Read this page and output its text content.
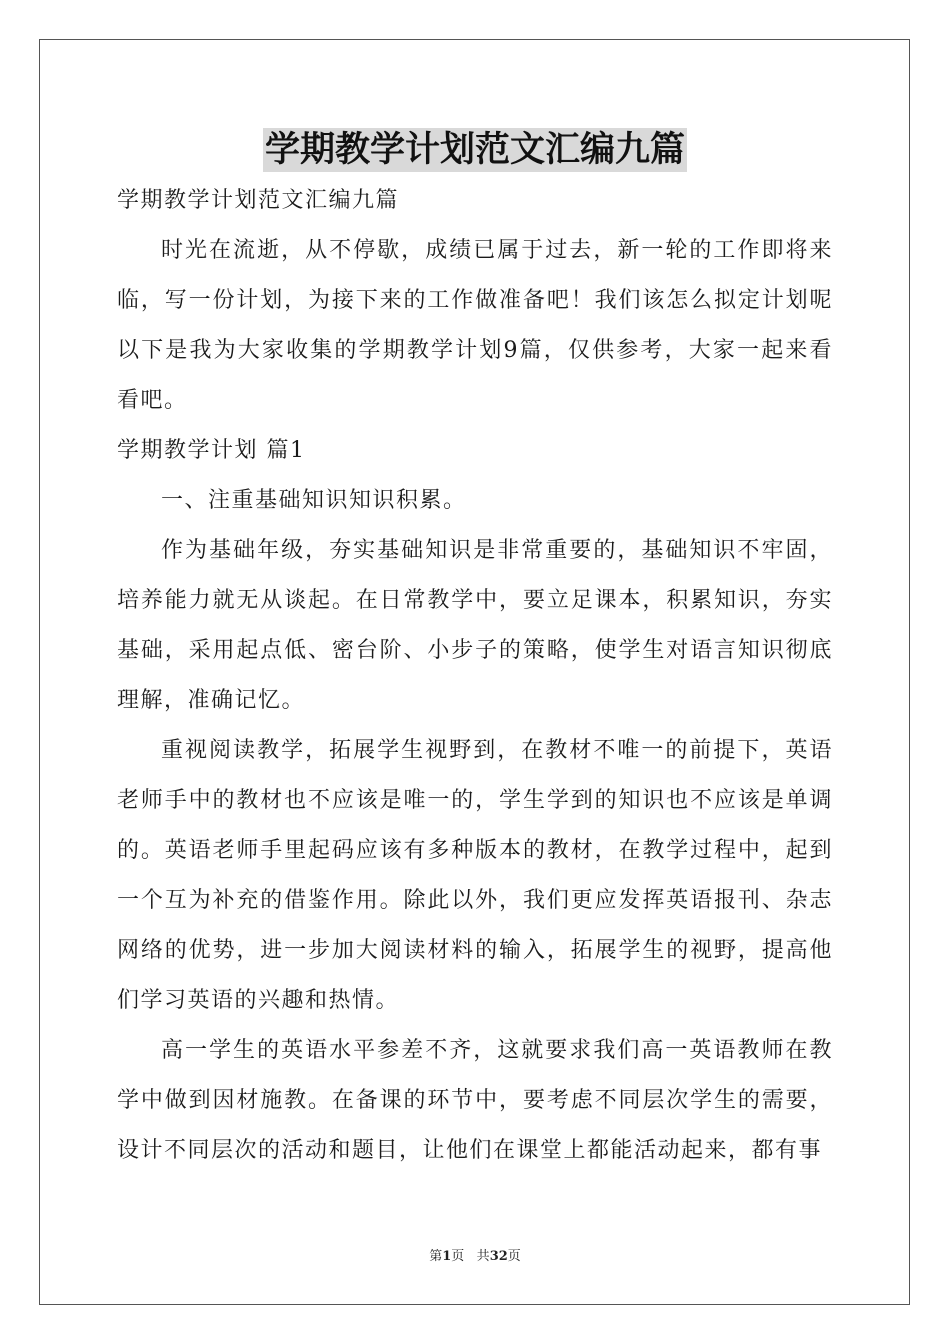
学期教学计划范文汇编九篇

学期教学计划范文汇编九篇

时光在流逝，从不停歇，成绩已属于过去，新一轮的工作即将来临，写一份计划，为接下来的工作做准备吧！我们该怎么拟定计划呢以下是我为大家收集的学期教学计划9篇，仅供参考，大家一起来看看吧。

学期教学计划 篇1

一、注重基础知识知识积累。

作为基础年级，夯实基础知识是非常重要的，基础知识不牢固，培养能力就无从谈起。在日常教学中，要立足课本，积累知识，夯实基础，采用起点低、密台阶、小步子的策略，使学生对语言知识彻底理解，准确记忆。

重视阅读教学，拓展学生视野到，在教材不唯一的前提下，英语老师手中的教材也不应该是唯一的，学生学到的知识也不应该是单调的。英语老师手里起码应该有多种版本的教材，在教学过程中，起到一个互为补充的借鉴作用。除此以外，我们更应发挥英语报刊、杂志网络的优势，进一步加大阅读材料的输入，拓展学生的视野，提高他们学习英语的兴趣和热情。

高一学生的英语水平参差不齐，这就要求我们高一英语教师在教学中做到因材施教。在备课的环节中，要考虑不同层次学生的需要，设计不同层次的活动和题目，让他们在课堂上都能活动起来，都有事

第1页 共32页
